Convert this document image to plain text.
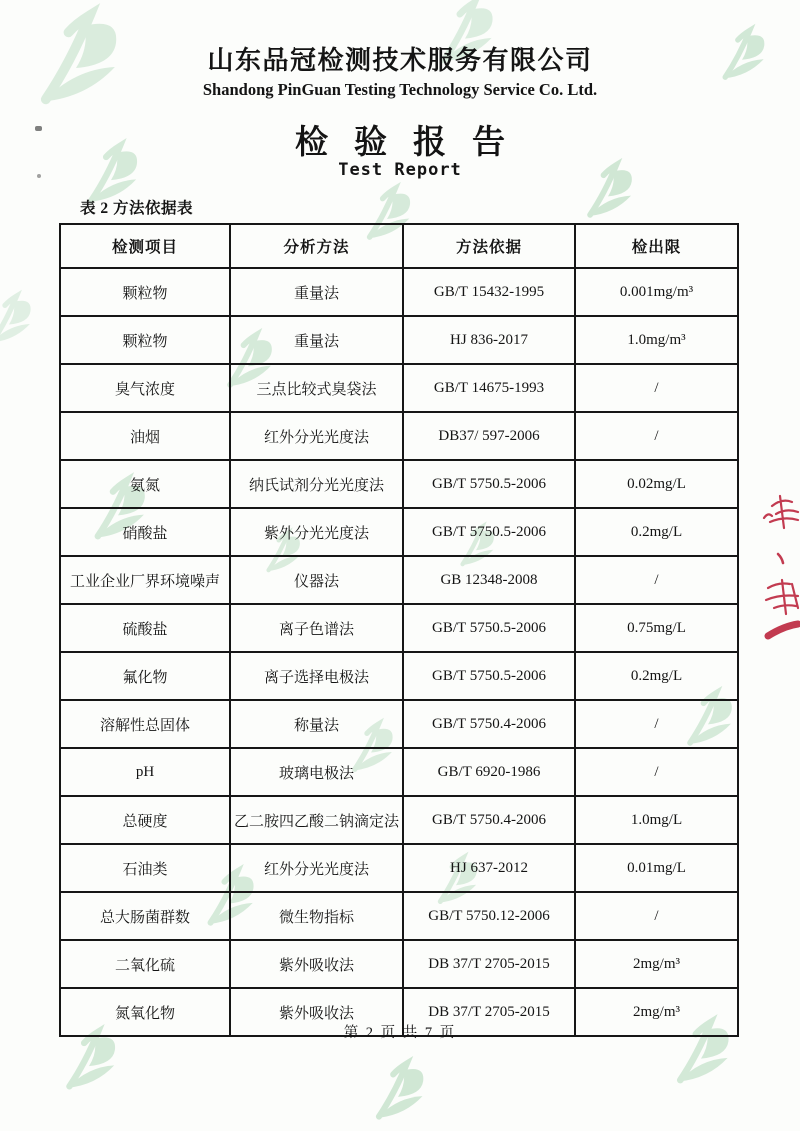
山东品冠检测技术服务有限公司
Shandong PinGuan Testing Technology Service Co. Ltd.
检验报告
Test Report
表 2 方法依据表
检测项目	分析方法	方法依据	检出限
颗粒物	重量法	GB/T 15432-1995	0.001mg/m³
颗粒物	重量法	HJ 836-2017	1.0mg/m³
臭气浓度	三点比较式臭袋法	GB/T 14675-1993	/
油烟	红外分光光度法	DB37/ 597-2006	/
氨氮	纳氏试剂分光光度法	GB/T 5750.5-2006	0.02mg/L
硝酸盐	紫外分光光度法	GB/T 5750.5-2006	0.2mg/L
工业企业厂界环境噪声	仪器法	GB 12348-2008	/
硫酸盐	离子色谱法	GB/T 5750.5-2006	0.75mg/L
氟化物	离子选择电极法	GB/T 5750.5-2006	0.2mg/L
溶解性总固体	称量法	GB/T 5750.4-2006	/
pH	玻璃电极法	GB/T 6920-1986	/
总硬度	乙二胺四乙酸二钠滴定法	GB/T 5750.4-2006	1.0mg/L
石油类	红外分光光度法	HJ 637-2012	0.01mg/L
总大肠菌群数	微生物指标	GB/T 5750.12-2006	/
二氧化硫	紫外吸收法	DB 37/T 2705-2015	2mg/m³
氮氧化物	紫外吸收法	DB 37/T 2705-2015	2mg/m³
第 2 页 共 7 页
